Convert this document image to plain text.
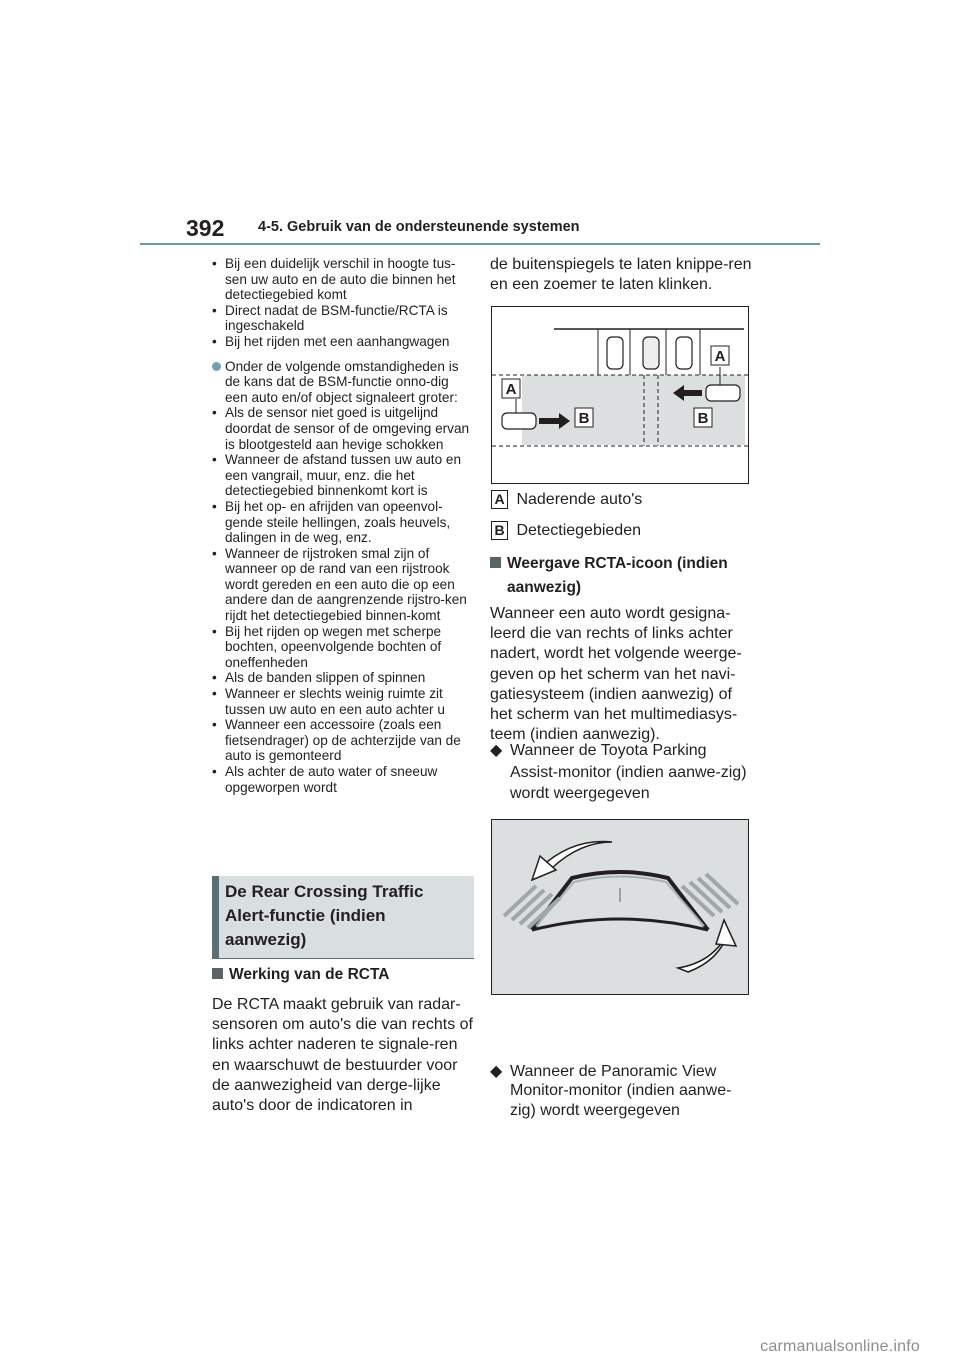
392 4-5. Gebruik van de ondersteunende systemen
• Bij een duidelijk verschil in hoogte tus-sen uw auto en de auto die binnen het detectiegebied komt
• Direct nadat de BSM-functie/RCTA is ingeschakeld
• Bij het rijden met een aanhangwagen
Onder de volgende omstandigheden is de kans dat de BSM-functie onno-dig een auto en/of object signaleert groter:
• Als de sensor niet goed is uitgelijnd doordat de sensor of de omgeving ervan is blootgesteld aan hevige schokken
• Wanneer de afstand tussen uw auto en een vangrail, muur, enz. die het detectiegebied binnenkomt kort is
• Bij het op- en afrijden van opeenvol-gende steile hellingen, zoals heuvels, dalingen in de weg, enz.
• Wanneer de rijstroken smal zijn of wanneer op de rand van een rijstrook wordt gereden en een auto die op een andere dan de aangrenzende rijstro-ken rijdt het detectiegebied binnen-komt
• Bij het rijden op wegen met scherpe bochten, opeenvolgende bochten of oneffenheden
• Als de banden slippen of spinnen
• Wanneer er slechts weinig ruimte zit tussen uw auto en een auto achter u
• Wanneer een accessoire (zoals een fietsendrager) op de achterzijde van de auto is gemonteerd
• Als achter de auto water of sneeuw opgeworpen wordt
De Rear Crossing Traffic Alert-functie (indien aanwezig)
Werking van de RCTA
De RCTA maakt gebruik van radar-sensoren om auto's die van rechts of links achter naderen te signale-ren en waarschuwt de bestuurder voor de aanwezigheid van derge-lijke auto's door de indicatoren in
de buitenspiegels te laten knippe-ren en een zoemer te laten klinken.
A
A
B	B
A Naderende auto's
B Detectiegebieden
Weergave RCTA-icoon (indien aanwezig)
Wanneer een auto wordt gesigna-leerd die van rechts of links achter nadert, wordt het volgende weerge-geven op het scherm van het navi-gatiesysteem (indien aanwezig) of het scherm van het multimediasys-teem (indien aanwezig).
◆ Wanneer de Toyota Parking Assist-monitor (indien aanwe-zig) wordt weergegeven
◆ Wanneer de Panoramic View Monitor-monitor (indien aanwe-zig) wordt weergegeven
carmanualsonline.info
